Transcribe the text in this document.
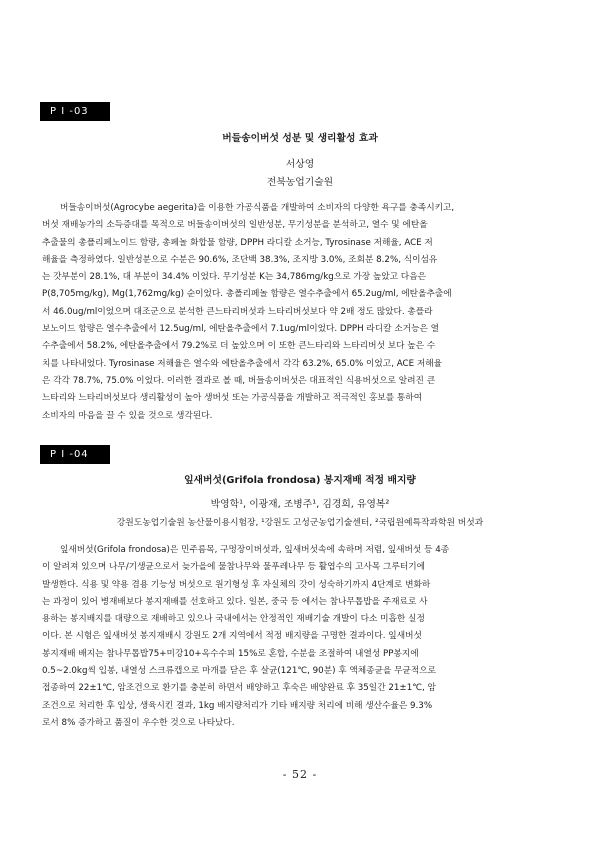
P I -03
버들송이버섯 성분 및 생리활성 효과
서상영
전북농업기술원
버들송이버섯(Agrocybe aegerita)을 이용한 가공식품을 개발하여 소비자의 다양한 욕구를 충족시키고,
버섯 재배농가의 소득증대를 목적으로 버들송이버섯의 일반성분, 무기성분을 분석하고, 열수 및 에탄올
추출물의 총폴리페노이드 함량, 총페놀 화합물 함량, DPPH 라디칼 소거능, Tyrosinase 저해율, ACE 저
해율을 측정하였다. 일반성분으로 수분은 90.6%, 조단백 38.3%, 조지방 3.0%, 조회분 8.2%, 식이섬유
는 갓부분이 28.1%, 대 부분이 34.4% 이었다. 무기성분 K는 34,786mg/kg으로 가장 높았고 다음은
P(8,705mg/kg), Mg(1,762mg/kg) 순이었다. 총폴리페놀 함량은 열수추출에서 65.2ug/ml, 에탄올추출에
서 46.0ug/ml이었으며 대조군으로 분석한 큰느타리버섯과 느타리버섯보다 약 2배 정도 많았다. 총플라
보노이드 함량은 열수추출에서 12.5ug/ml, 에탄올추출에서 7.1ug/ml이었다. DPPH 라디칼 소거능은 열
수추출에서 58.2%, 에탄올추출에서 79.2%로 더 높았으며 이 또한 큰느타리와 느타리버섯 보다 높은 수
치를 나타내었다. Tyrosinase 저해율은 열수와 에탄올추출에서 각각 63.2%, 65.0% 이었고, ACE 저해율
은 각각 78.7%, 75.0% 이었다. 이러한 결과로 볼 때, 버들송이버섯은 대표적인 식용버섯으로 알려진 큰
느타리와 느타리버섯보다 생리활성이 높아 생버섯 또는 가공식품을 개발하고 적극적인 홍보를 통하여
소비자의 마음을 끌 수 있을 것으로 생각된다.
P I -04
잎새버섯(Grifola frondosa) 봉지재배 적정 배지량
박영학¹, 이광재, 조병주¹, 김경희, 유영복²
강원도농업기술원 농산물이용시험장, ¹강원도 고성군농업기술센터, ²국립원예특작과학원 버섯과
잎새버섯(Grifola frondosa)은 민주름목, 구멍장이버섯과, 잎새버섯속에 속하며 저렴, 잎새버섯 등 4종
이 알려져 있으며 나무/기생균으로서 늦가을에 물참나무와 물푸레나무 등 활엽수의 고사목 그루터기에
발생한다. 식용 및 약용 겸용 기능성 버섯으로 원기형성 후 자실체의 갓이 성숙하기까지 4단계로 변화하
는 과정이 있어 병재배보다 봉지재배를 선호하고 있다. 일본, 중국 등 에서는 참나무톱밥을 주재료로 사
용하는 봉지배지를 대량으로 재배하고 있으나 국내에서는 안정적인 재배기술 개발이 다소 미흡한 실정
이다. 본 시험은 잎새버섯 봉지재배시 강원도 2개 지역에서 적정 배지량을 구명한 결과이다. 잎새버섯
봉지재배 배지는 참나무톱밥75+미강10+옥수수피 15%로 혼합, 수분을 조절하여 내열성 PP봉지에
0.5~2.0kg씩 입봉, 내열성 스크류캡으로 마개를 닫은 후 살균(121℃, 90분) 후 액체종균을 무균적으로
접종하여 22±1℃, 암조건으로 환기를 충분히 하면서 배양하고 후숙은 배양완료 후 35일간 21±1℃, 암
조건으로 처리한 후 입상, 생육시킨 결과, 1kg 배지량처리가 기타 배지량 처리에 비해 생산수율은 9.3%
로서 8% 증가하고 품질이 우수한 것으로 나타났다.
- 52 -
